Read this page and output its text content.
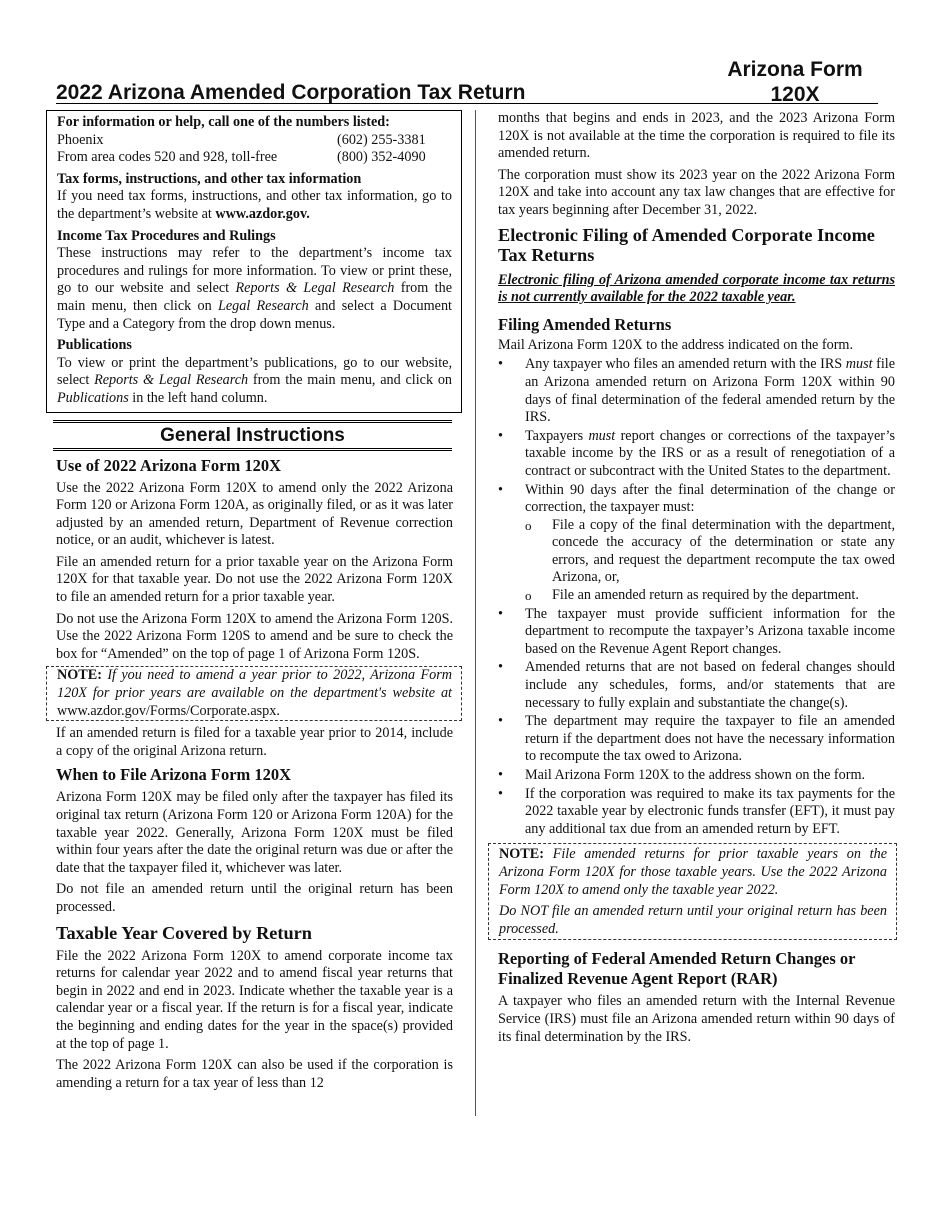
Arizona Form
120X
2022 Arizona Amended Corporation Tax Return
For information or help, call one of the numbers listed:
Phoenix	(602) 255-3381
From area codes 520 and 928, toll-free	(800) 352-4090
Tax forms, instructions, and other tax information

If you need tax forms, instructions, and other tax information, go to the department’s website at www.azdor.gov.

Income Tax Procedures and Rulings

These instructions may refer to the department’s income tax procedures and rulings for more information. To view or print these, go to our website and select Reports & Legal Research from the main menu, then click on Legal Research and select a Document Type and a Category from the drop down menus.

Publications

To view or print the department’s publications, go to our website, select Reports & Legal Research from the main menu, and click on Publications in the left hand column.

General Instructions
Use of 2022 Arizona Form 120X

Use the 2022 Arizona Form 120X to amend only the 2022 Arizona Form 120 or Arizona Form 120A, as originally filed, or as it was later adjusted by an amended return, Department of Revenue correction notice, or an audit, whichever is latest.

File an amended return for a prior taxable year on the Arizona Form 120X for that taxable year. Do not use the 2022 Arizona Form 120X to file an amended return for a prior taxable year.

Do not use the Arizona Form 120X to amend the Arizona Form 120S. Use the 2022 Arizona Form 120S to amend and be sure to check the box for “Amended” on the top of page 1 of Arizona Form 120S.

NOTE: If you need to amend a year prior to 2022, Arizona Form 120X for prior years are available on the department's website at www.azdor.gov/Forms/Corporate.aspx.

If an amended return is filed for a taxable year prior to 2014, include a copy of the original Arizona return.

When to File Arizona Form 120X

Arizona Form 120X may be filed only after the taxpayer has filed its original tax return (Arizona Form 120 or Arizona Form 120A) for the taxable year 2022. Generally, Arizona Form 120X must be filed within four years after the date the original return was due or after the date that the taxpayer filed it, whichever was later.

Do not file an amended return until the original return has been processed.

Taxable Year Covered by Return

File the 2022 Arizona Form 120X to amend corporate income tax returns for calendar year 2022 and to amend fiscal year returns that begin in 2022 and end in 2023. Indicate whether the taxable year is a calendar year or a fiscal year. If the return is for a fiscal year, indicate the beginning and ending dates for the year in the space(s) provided at the top of page 1.

The 2022 Arizona Form 120X can also be used if the corporation is amending a return for a tax year of less than 12

months that begins and ends in 2023, and the 2023 Arizona Form 120X is not available at the time the corporation is required to file its amended return.

The corporation must show its 2023 year on the 2022 Arizona Form 120X and take into account any tax law changes that are effective for tax years beginning after December 31, 2022.

Electronic Filing of Amended Corporate Income Tax Returns

Electronic filing of Arizona amended corporate income tax returns is not currently available for the 2022 taxable year.

Filing Amended Returns

Mail Arizona Form 120X to the address indicated on the form.

• Any taxpayer who files an amended return with the IRS must file an Arizona amended return on Arizona Form 120X within 90 days of final determination of the federal amended return by the IRS.
• Taxpayers must report changes or corrections of the taxpayer’s taxable income by the IRS or as a result of renegotiation of a contract or subcontract with the United States to the department.
• Within 90 days after the final determination of the change or correction, the taxpayer must:
o File a copy of the final determination with the department, concede the accuracy of the determination or state any errors, and request the department recompute the tax owed Arizona, or,
o File an amended return as required by the department.
• The taxpayer must provide sufficient information for the department to recompute the taxpayer’s Arizona taxable income based on the Revenue Agent Report changes.
• Amended returns that are not based on federal changes should include any schedules, forms, and/or statements that are necessary to fully explain and substantiate the change(s).
• The department may require the taxpayer to file an amended return if the department does not have the necessary information to recompute the tax owed to Arizona.
• Mail Arizona Form 120X to the address shown on the form.
• If the corporation was required to make its tax payments for the 2022 taxable year by electronic funds transfer (EFT), it must pay any additional tax due from an amended return by EFT.

NOTE: File amended returns for prior taxable years on the Arizona Form 120X for those taxable years. Use the 2022 Arizona Form 120X to amend only the taxable year 2022.

Do NOT file an amended return until your original return has been processed.

Reporting of Federal Amended Return Changes or Finalized Revenue Agent Report (RAR)

A taxpayer who files an amended return with the Internal Revenue Service (IRS) must file an Arizona amended return within 90 days of its final determination by the IRS.
